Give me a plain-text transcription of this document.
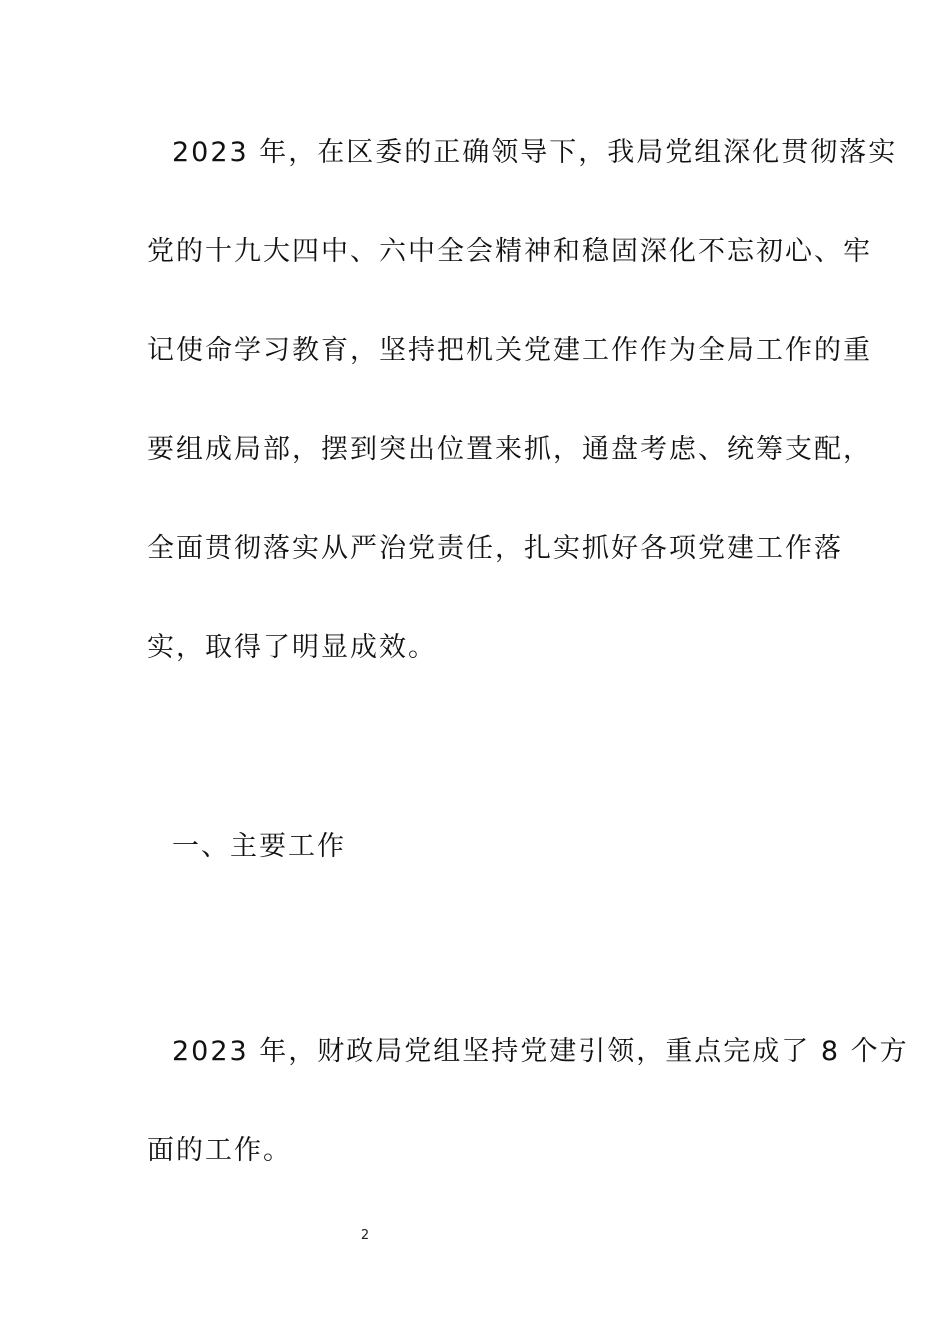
2023 年，在区委的正确领导下，我局党组深化贯彻落实
党的十九大四中、六中全会精神和稳固深化不忘初心、牢
记使命学习教育，坚持把机关党建工作作为全局工作的重
要组成局部，摆到突出位置来抓，通盘考虑、统筹支配，
全面贯彻落实从严治党责任，扎实抓好各项党建工作落
实，取得了明显成效。
一、主要工作
2023 年，财政局党组坚持党建引领，重点完成了 8 个方
面的工作。
2
